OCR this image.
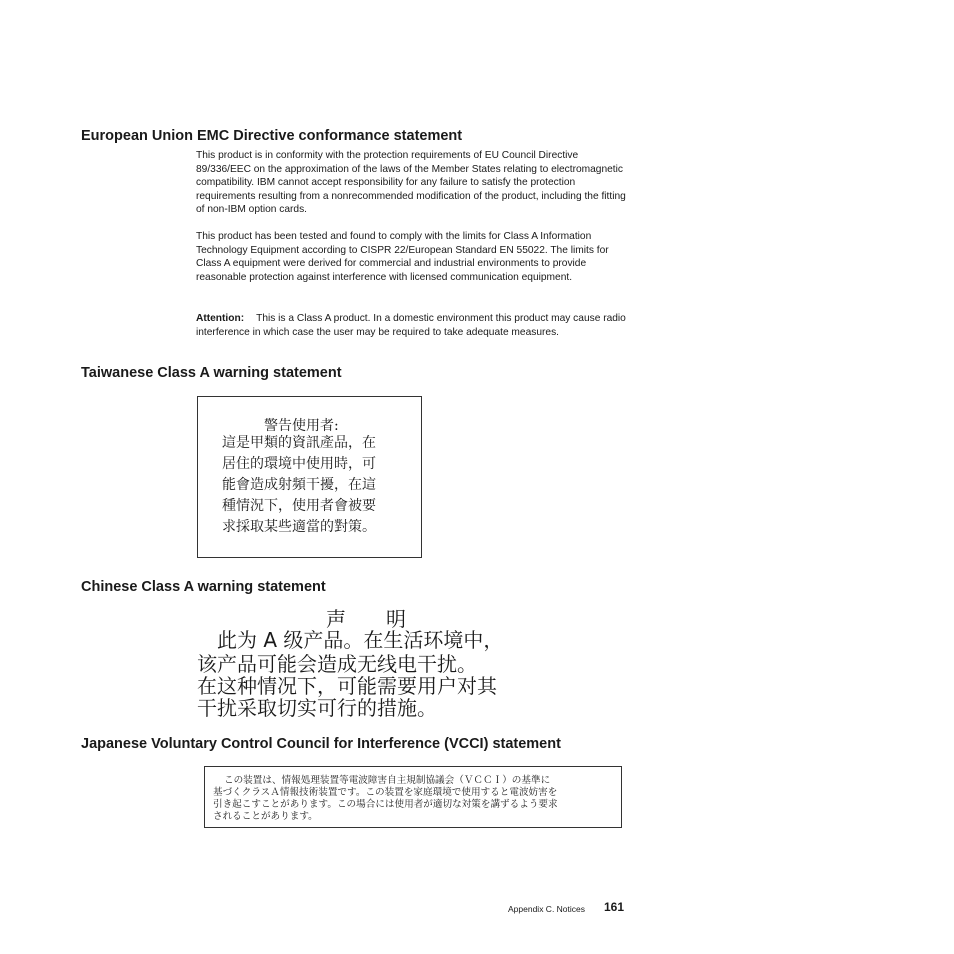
European Union EMC Directive conformance statement

This product is in conformity with the protection requirements of EU Council Directive 89/336/EEC on the approximation of the laws of the Member States relating to electromagnetic compatibility. IBM cannot accept responsibility for any failure to satisfy the protection requirements resulting from a nonrecommended modification of the product, including the fitting of non-IBM option cards.

This product has been tested and found to comply with the limits for Class A Information Technology Equipment according to CISPR 22/European Standard EN 55022. The limits for Class A equipment were derived for commercial and industrial environments to provide reasonable protection against interference with licensed communication equipment.

Attention: This is a Class A product. In a domestic environment this product may cause radio interference in which case the user may be required to take adequate measures.

Taiwanese Class A warning statement

警告使用者:

這是甲類的資訊產品，在

居住的環境中使用時，可

能會造成射頻干擾，在這

種情況下，使用者會被要

求採取某些適當的對策。

Chinese Class A warning statement

声　　明

　此为 A 级产品。在生活环境中，

该产品可能会造成无线电干扰。

在这种情况下，可能需要用户对其

干扰采取切实可行的措施。

Japanese Voluntary Control Council for Interference (VCCI) statement

この装置は、情報処理装置等電波障害自主規制協議会（ＶＣＣＩ）の基準に

基づくクラスＡ情報技術装置です。この装置を家庭環境で使用すると電波妨害を

引き起こすことがあります。この場合には使用者が適切な対策を講ずるよう要求

されることがあります。

Appendix C. Notices 161
